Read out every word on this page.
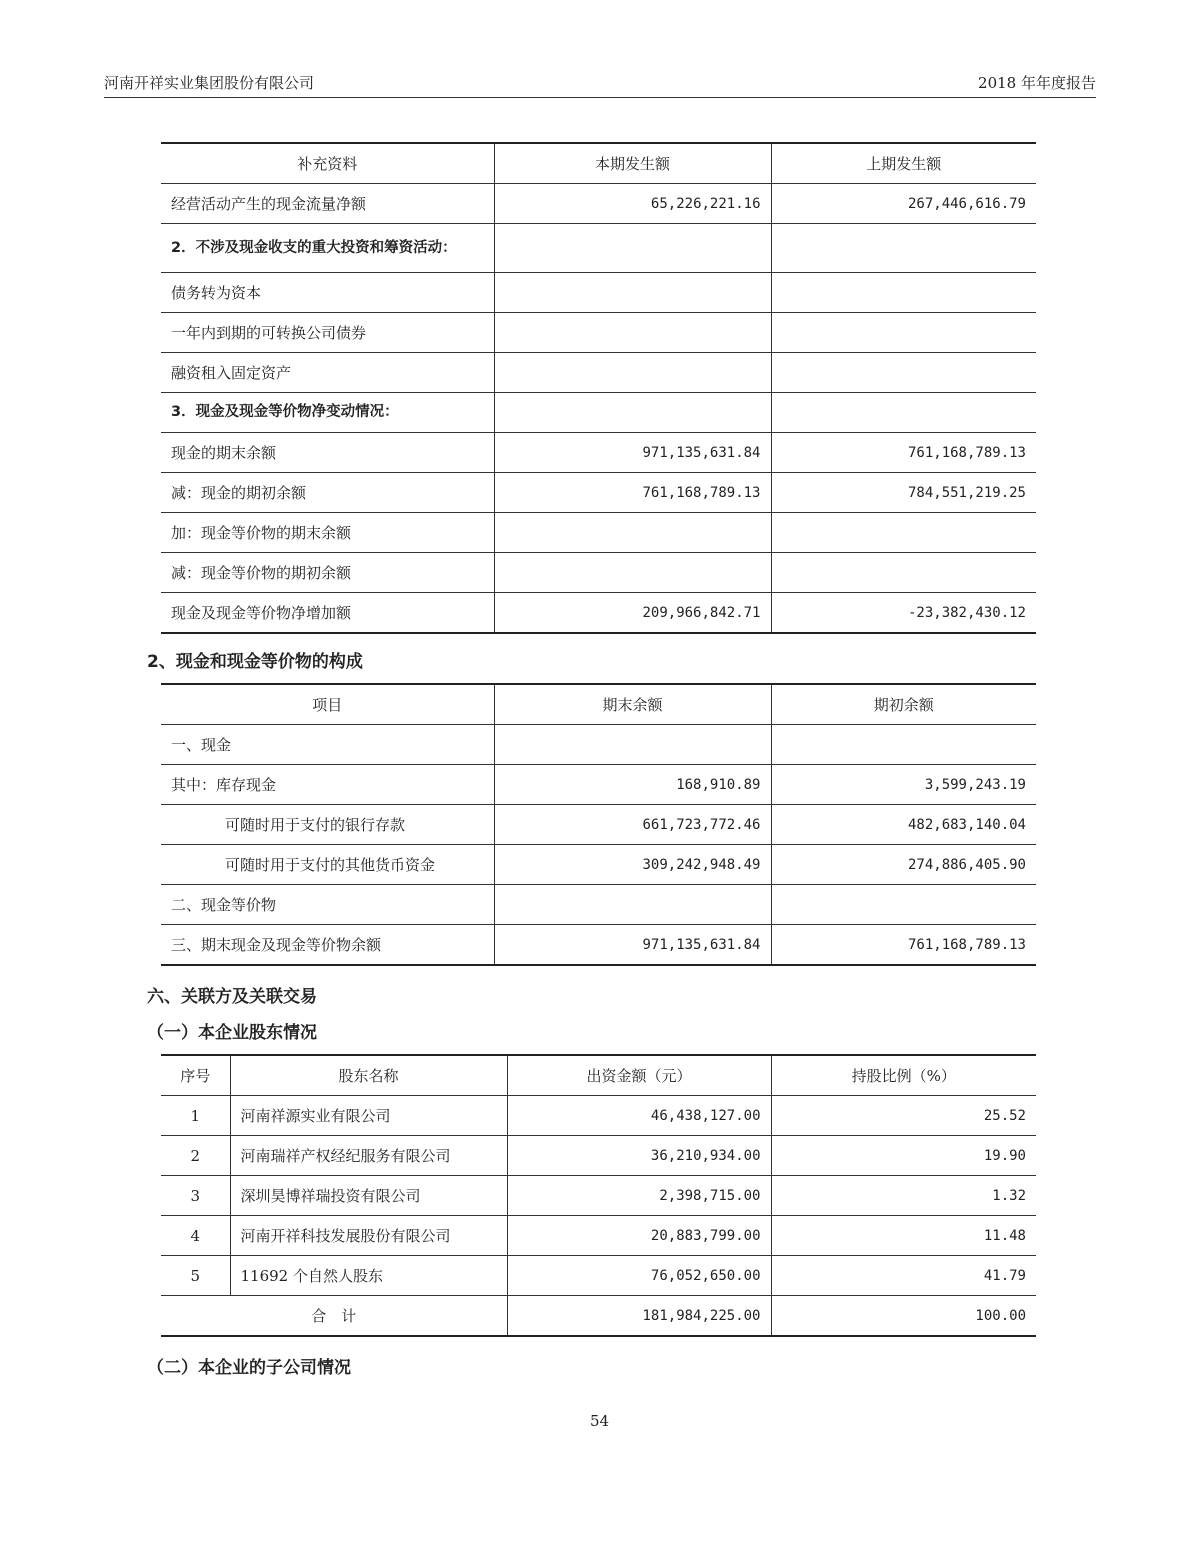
河南开祥实业集团股份有限公司	2018 年年度报告
补充资料	本期发生额	上期发生额
经营活动产生的现金流量净额	65,226,221.16	267,446,616.79
2．不涉及现金收支的重大投资和筹资活动：		
债务转为资本		
一年内到期的可转换公司债券		
融资租入固定资产		
3．现金及现金等价物净变动情况：		
现金的期末余额	971,135,631.84	761,168,789.13
减：现金的期初余额	761,168,789.13	784,551,219.25
加：现金等价物的期末余额		
减：现金等价物的期初余额		
现金及现金等价物净增加额	209,966,842.71	-23,382,430.12
2、现金和现金等价物的构成
项目	期末余额	期初余额
一、现金		
其中：库存现金	168,910.89	3,599,243.19
可随时用于支付的银行存款	661,723,772.46	482,683,140.04
可随时用于支付的其他货币资金	309,242,948.49	274,886,405.90
二、现金等价物		
三、期末现金及现金等价物余额	971,135,631.84	761,168,789.13
六、关联方及关联交易
（一）本企业股东情况
序号	股东名称	出资金额（元）	持股比例（%）
1	河南祥源实业有限公司	46,438,127.00	25.52
2	河南瑞祥产权经纪服务有限公司	36,210,934.00	19.90
3	深圳昊博祥瑞投资有限公司	2,398,715.00	1.32
4	河南开祥科技发展股份有限公司	20,883,799.00	11.48
5	11692 个自然人股东	76,052,650.00	41.79
合　计		181,984,225.00	100.00
（二）本企业的子公司情况
54
